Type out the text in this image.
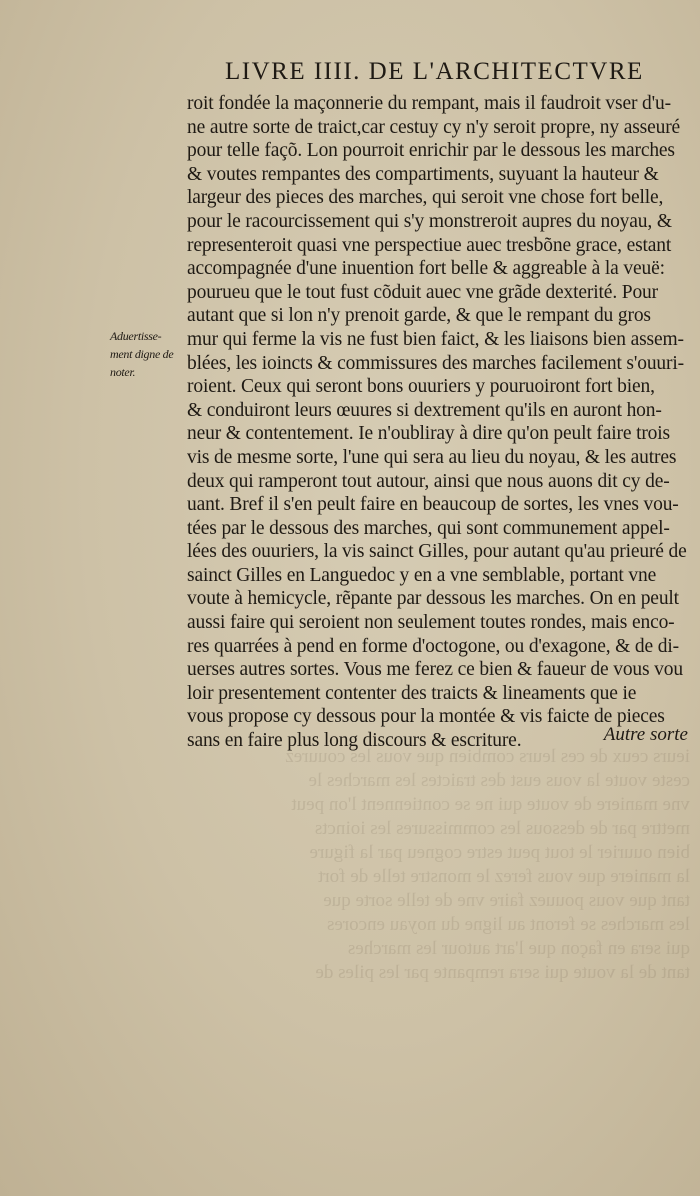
ieurs ceux de ces leurs combien que vous les couurez
ceste voute la vous eust des traictes les marches le
vne maniere de voute qui ne se contiennent l'on peut
mettre par de dessous les commissures les ioincts
bien ouurier le tout peut estre cogneu par la figure
la maniere que vous ferez le monstre telle de fort
tant que vous pouuez faire vne de telle sorte que
les marches se feront au ligne du noyau encores
qui sera en façon que l'art autour les marches
tant de la voute qui sera rempante par les piles de
LIVRE IIII. DE L'ARCHITECTVRE
Aduertisse-
ment digne de
noter.
roit fondée la maçonnerie du rempant, mais il faudroit vser d'u-
ne autre sorte de traict,car cestuy cy n'y seroit propre, ny asseuré
pour telle façõ. Lon pourroit enrichir par le dessous les marches
& voutes rempantes des compartiments, suyuant la hauteur &
largeur des pieces des marches, qui seroit vne chose fort belle,
pour le racourcissement qui s'y monstreroit aupres du noyau, &
representeroit quasi vne perspectiue auec tresbõne grace, estant
accompagnée d'une inuention fort belle & aggreable à la veuë:
pourueu que le tout fust cõduit auec vne grãde dexterité. Pour
autant que si lon n'y prenoit garde, & que le rempant du gros
mur qui ferme la vis ne fust bien faict, & les liaisons bien assem-
blées, les ioincts & commissures des marches facilement s'ouuri-
roient. Ceux qui seront bons ouuriers y pouruoiront fort bien,
& conduiront leurs œuures si dextrement qu'ils en auront hon-
neur & contentement. Ie n'oubliray à dire qu'on peult faire trois
vis de mesme sorte, l'une qui sera au lieu du noyau, & les autres
deux qui ramperont tout autour, ainsi que nous auons dit cy de-
uant. Bref il s'en peult faire en beaucoup de sortes, les vnes vou-
tées par le dessous des marches, qui sont communement appel-
lées des ouuriers, la vis sainct Gilles, pour autant qu'au prieuré de
sainct Gilles en Languedoc y en a vne semblable, portant vne
voute à hemicycle, rẽpante par dessous les marches. On en peult
aussi faire qui seroient non seulement toutes rondes, mais enco-
res quarrées à pend en forme d'octogone, ou d'exagone, & de di-
uerses autres sortes. Vous me ferez ce bien & faueur de vous vou
loir presentement contenter des traicts & lineaments que ie
vous propose cy dessous pour la montée & vis faicte de pieces
sans en faire plus long discours & escriture.	Autre sorte
